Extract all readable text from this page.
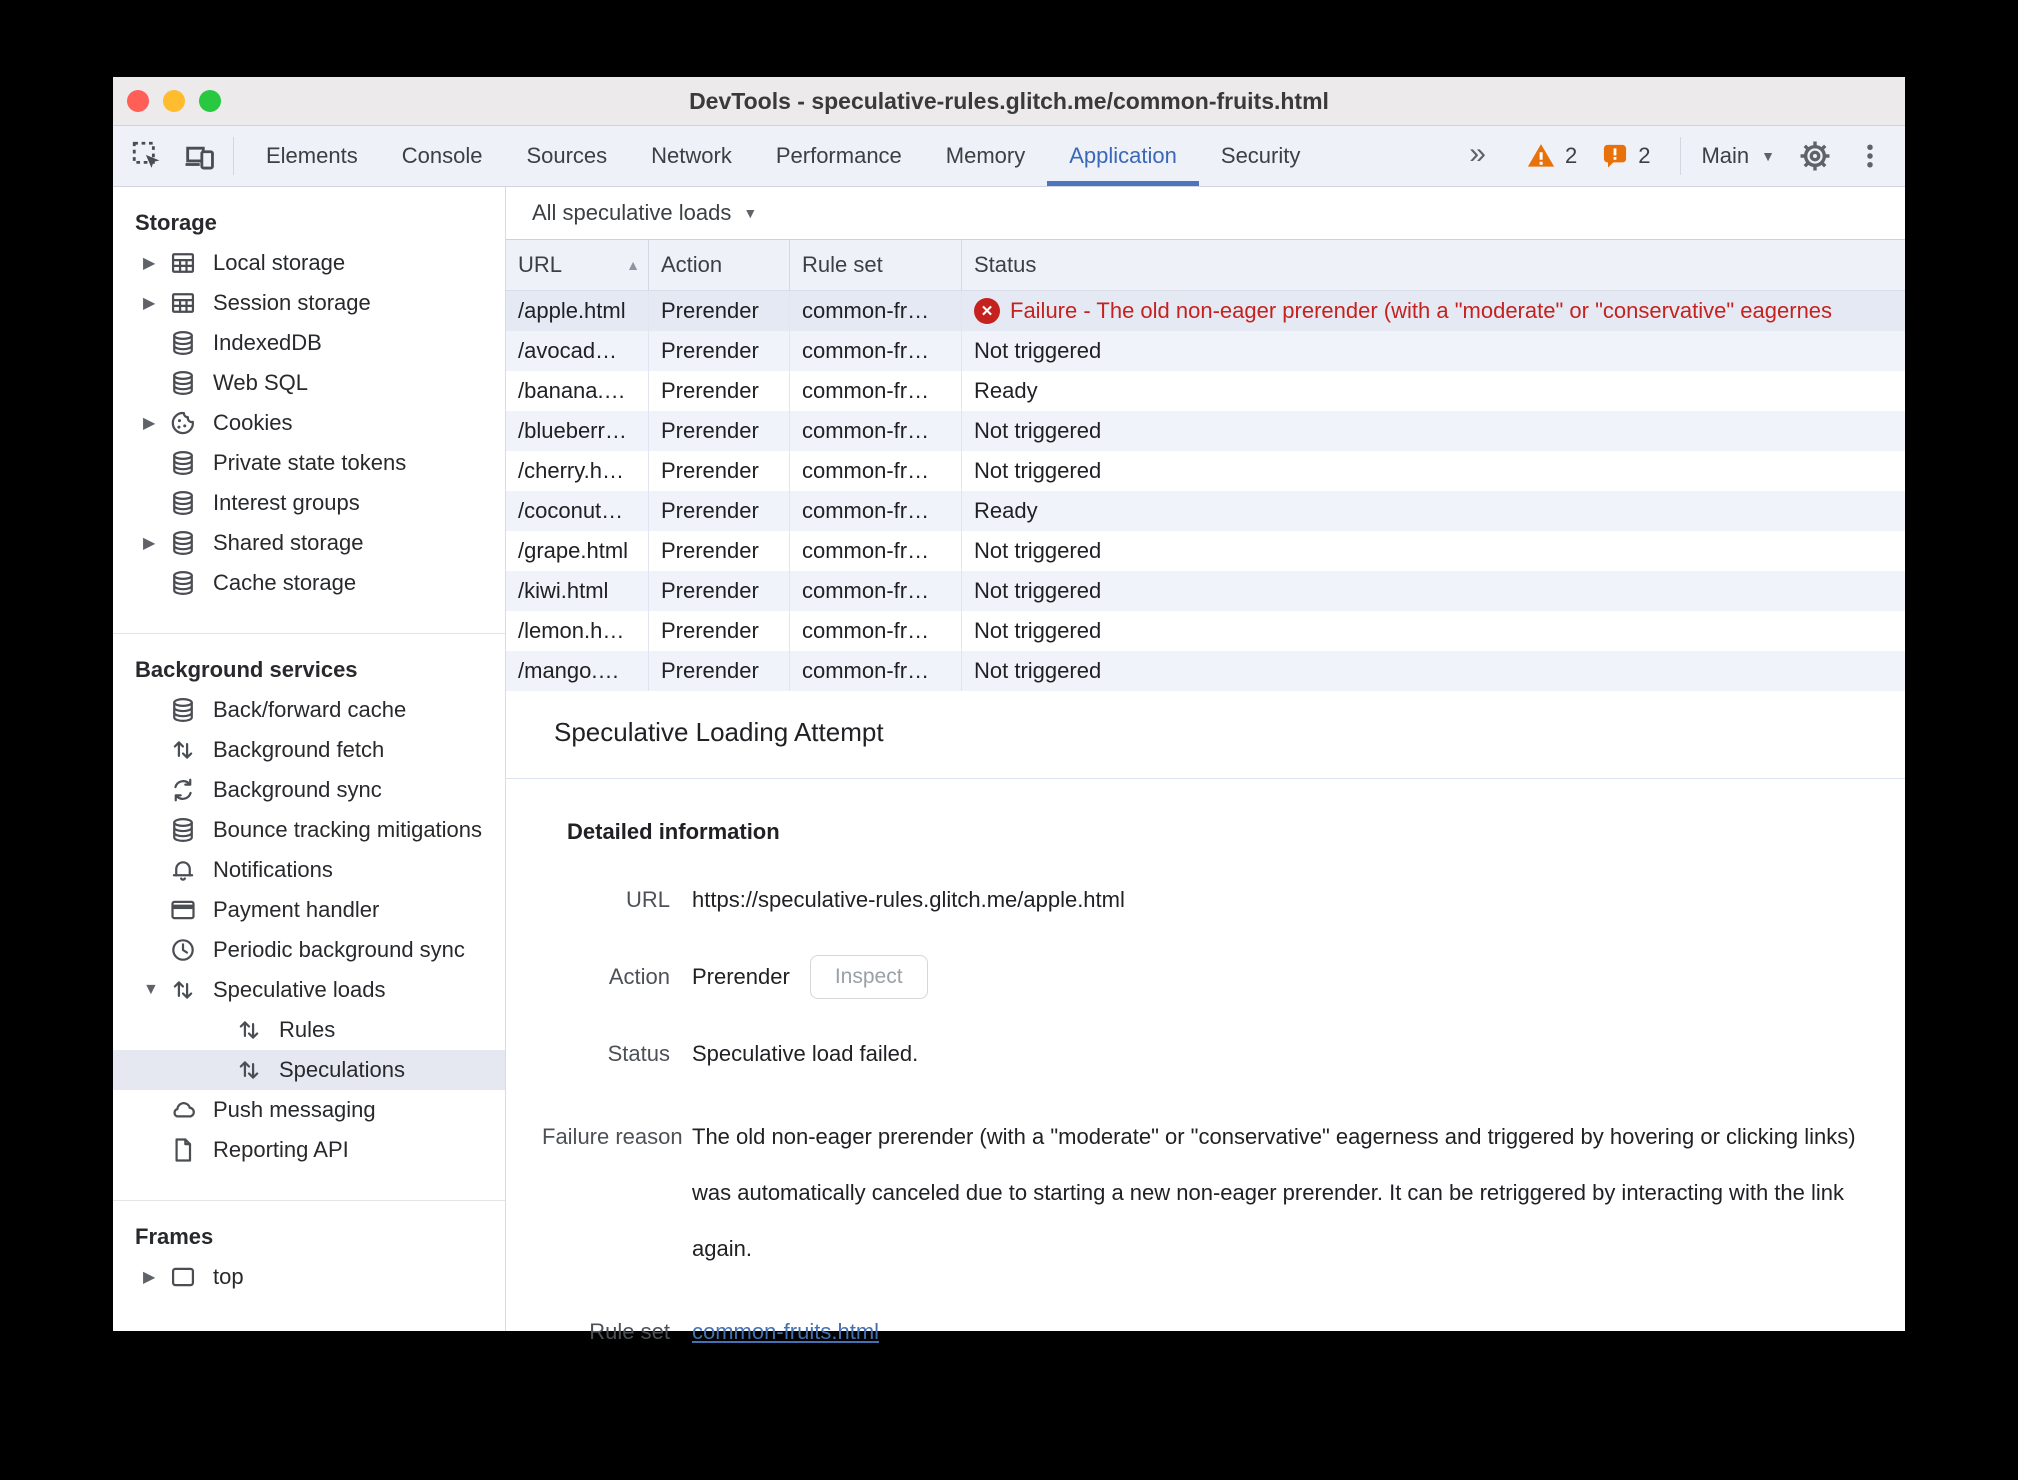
DevTools - speculative-rules.glitch.me/common-fruits.html
Elements	Console	Sources	Network	Performance	Memory	Application	Security	»	2	2 Main ▼
Storage
▶	Local storage
▶	Session storage
IndexedDB
Web SQL
▶	Cookies
Private state tokens
Interest groups
▶	Shared storage
Cache storage
Background services
Back/forward cache
Background fetch
Background sync
Bounce tracking mitigations
Notifications
Payment handler
Periodic background sync
▼	Speculative loads
Rules
Speculations
Push messaging
Reporting API
Frames
▶	top
All speculative loads ▼
URL	▲ Action	Rule set	Status
/apple.html	Prerender	common-fr…	✕ Failure - The old non-eager prerender (with a "moderate" or "conservative" eagernes
/avocad…	Prerender	common-fr…	Not triggered
/banana.…	Prerender	common-fr…	Ready
/blueberr…	Prerender	common-fr…	Not triggered
/cherry.h…	Prerender	common-fr…	Not triggered
/coconut…	Prerender	common-fr…	Ready
/grape.html	Prerender	common-fr…	Not triggered
/kiwi.html	Prerender	common-fr…	Not triggered
/lemon.h…	Prerender	common-fr…	Not triggered
/mango.…	Prerender	common-fr…	Not triggered
Speculative Loading Attempt
Detailed information
URL https://speculative-rules.glitch.me/apple.html
Action Prerender	Inspect
Status Speculative load failed.
Failure reason The old non-eager prerender (with a "moderate" or "conservative" eagerness and triggered by hovering or clicking links) was automatically canceled due to starting a new non-eager prerender. It can be retriggered by interacting with the link again.
Rule set common-fruits.html
